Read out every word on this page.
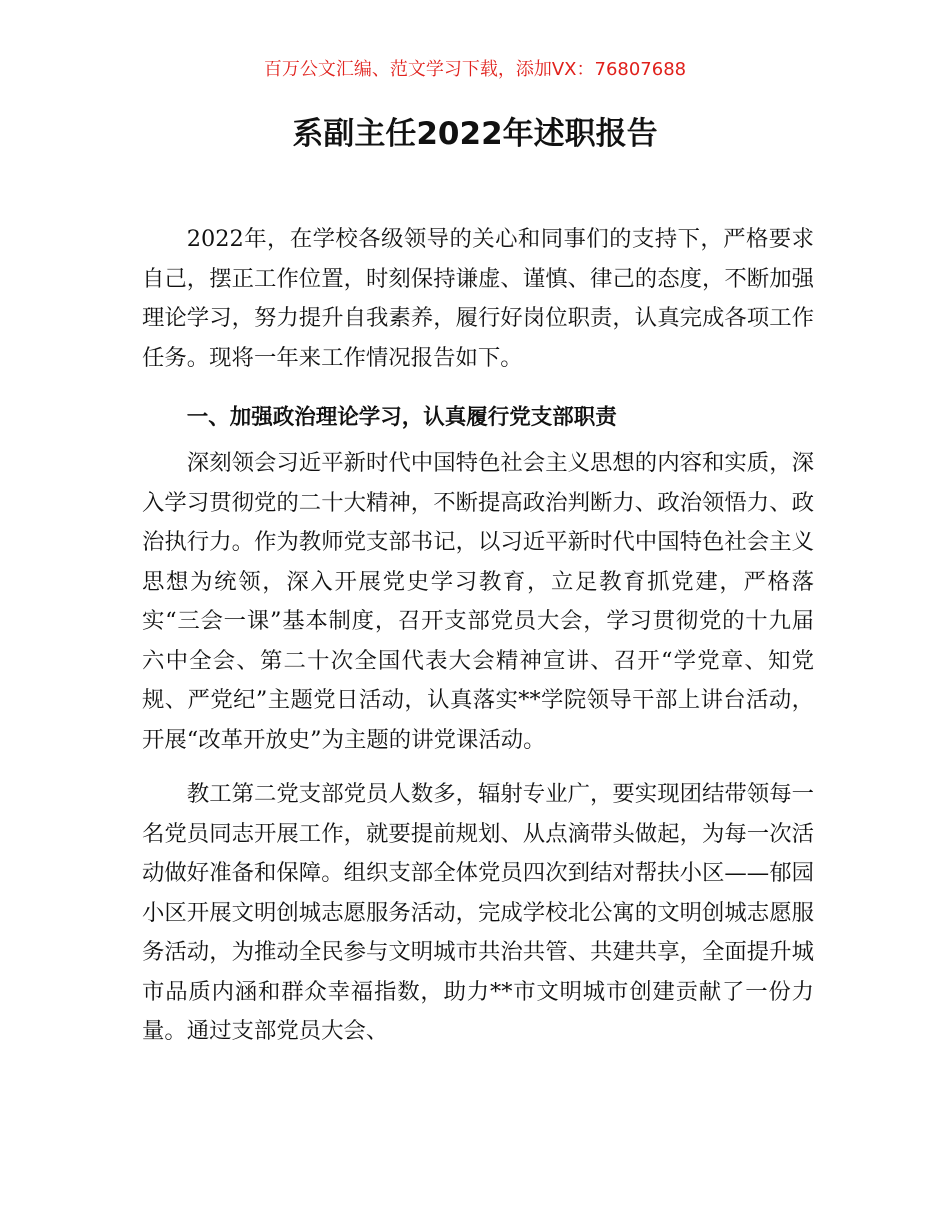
百万公文汇编、范文学习下载，添加VX：76807688
系副主任2022年述职报告

2022年，在学校各级领导的关心和同事们的支持下，严格要求自己，摆正工作位置，时刻保持谦虚、谨慎、律己的态度，不断加强理论学习，努力提升自我素养，履行好岗位职责，认真完成各项工作任务。现将一年来工作情况报告如下。

一、加强政治理论学习，认真履行党支部职责

深刻领会习近平新时代中国特色社会主义思想的内容和实质，深入学习贯彻党的二十大精神，不断提高政治判断力、政治领悟力、政治执行力。作为教师党支部书记，以习近平新时代中国特色社会主义思想为统领，深入开展党史学习教育，立足教育抓党建，严格落实“三会一课”基本制度，召开支部党员大会，学习贯彻党的十九届六中全会、第二十次全国代表大会精神宣讲、召开“学党章、知党规、严党纪”主题党日活动，认真落实**学院领导干部上讲台活动，开展“改革开放史”为主题的讲党课活动。

教工第二党支部党员人数多，辐射专业广，要实现团结带领每一名党员同志开展工作，就要提前规划、从点滴带头做起，为每一次活动做好准备和保障。组织支部全体党员四次到结对帮扶小区——郁园小区开展文明创城志愿服务活动，完成学校北公寓的文明创城志愿服务活动，为推动全民参与文明城市共治共管、共建共享，全面提升城市品质内涵和群众幸福指数，助力**市文明城市创建贡献了一份力量。通过支部党员大会、
